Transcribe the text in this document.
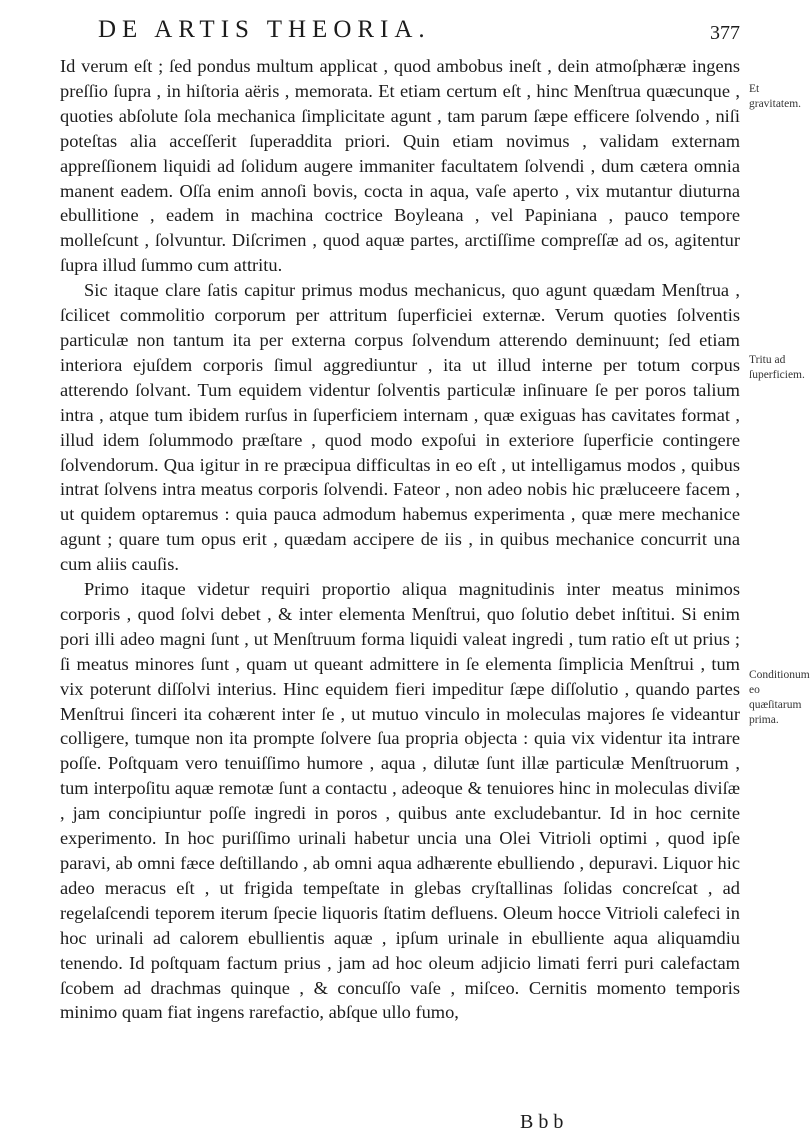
DE ARTIS THEORIA.	377

Id verum eſt ; ſed pondus multum applicat , quod ambobus ineſt , dein atmoſphæræ ingens preſſio ſupra , in hiſtoria aëris , memorata. Et etiam certum eſt , hinc Menſtrua quæcunque , quoties abſolute ſola mechanica ſimplicitate agunt , tam parum ſæpe efficere ſolvendo , niſi poteſtas alia acceſſerit ſuperaddita priori. Quin etiam novimus , validam externam appreſſionem liquidi ad ſolidum augere immaniter facultatem ſolvendi , dum cætera omnia manent eadem. Oſſa enim annoſi bovis, cocta in aqua, vaſe aperto , vix mutantur diuturna ebullitione , eadem in machina coctrice Boyleana , vel Papiniana , pauco tempore molleſcunt , ſolvuntur. Diſcrimen , quod aquæ partes, arctiſſime compreſſæ ad os, agitentur ſupra illud ſummo cum attritu.

Sic itaque clare ſatis capitur primus modus mechanicus, quo agunt quædam Menſtrua , ſcilicet commolitio corporum per attritum ſuperficiei externæ. Verum quoties ſolventis particulæ non tantum ita per externa corpus ſolvendum atterendo deminuunt; ſed etiam interiora ejuſdem corporis ſimul aggrediuntur , ita ut illud interne per totum corpus atterendo ſolvant. Tum equidem videntur ſolventis particulæ inſinuare ſe per poros talium intra , atque tum ibidem rurſus in ſuperficiem internam , quæ exiguas has cavitates format , illud idem ſolummodo præſtare , quod modo expoſui in exteriore ſuperficie contingere ſolvendorum. Qua igitur in re præcipua difficultas in eo eſt , ut intelligamus modos , quibus intrat ſolvens intra meatus corporis ſolvendi. Fateor , non adeo nobis hic præluceere facem , ut quidem optaremus : quia pauca admodum habemus experimenta , quæ mere mechanice agunt ; quare tum opus erit , quædam accipere de iis , in quibus mechanice concurrit una cum aliis cauſis.

Primo itaque videtur requiri proportio aliqua magnitudinis inter meatus minimos corporis , quod ſolvi debet , & inter elementa Menſtrui, quo ſolutio debet inſtitui. Si enim pori illi adeo magni ſunt , ut Menſtruum forma liquidi valeat ingredi , tum ratio eſt ut prius ; ſi meatus minores ſunt , quam ut queant admittere in ſe elementa ſimplicia Menſtrui , tum vix poterunt diſſolvi interius. Hinc equidem fieri impeditur ſæpe diſſolutio , quando partes Menſtrui ſinceri ita cohærent inter ſe , ut mutuo vinculo in moleculas majores ſe videantur colligere, tumque non ita promptе ſolvere ſua propria objecta : quia vix videntur ita intrare poſſe. Poſtquam vero tenuiſſimo humore , aqua , dilutæ ſunt illæ particulæ Menſtruorum , tum interpoſitu aquæ remotæ ſunt a contactu , adeoque & tenuiores hinc in moleculas diviſæ , jam concipiuntur poſſe ingredi in poros , quibus ante excludebantur. Id in hoc cernite experimento. In hoc puriſſimo urinali habetur uncia una Olei Vitrioli optimi , quod ipſe paravi, ab omni fæce deſtillando , ab omni aqua adhærente ebulliendo , depuravi. Liquor hic adeo meracus eſt , ut frigida tempeſtate in glebas cryſtallinas ſolidas concreſcat , ad regelaſcendi teporem iterum ſpecie liquoris ſtatim defluens. Oleum hocce Vitrioli calefeci in hoc urinali ad calorem ebullientis aquæ , ipſum urinale in ebulliente aqua aliquamdiu tenendo. Id poſtquam factum prius , jam ad hoc oleum adjicio limati ferri puri calefactam ſcobem ad drachmas quinque , & concuſſo vaſe , miſceo. Cernitis momento temporis minimo quam fiat ingens rarefactio, abſque ullo fumo,

B b b
Et gravitatem.
Tritu ad ſuperficiem.
Conditionum eo quæſitarum prima.
